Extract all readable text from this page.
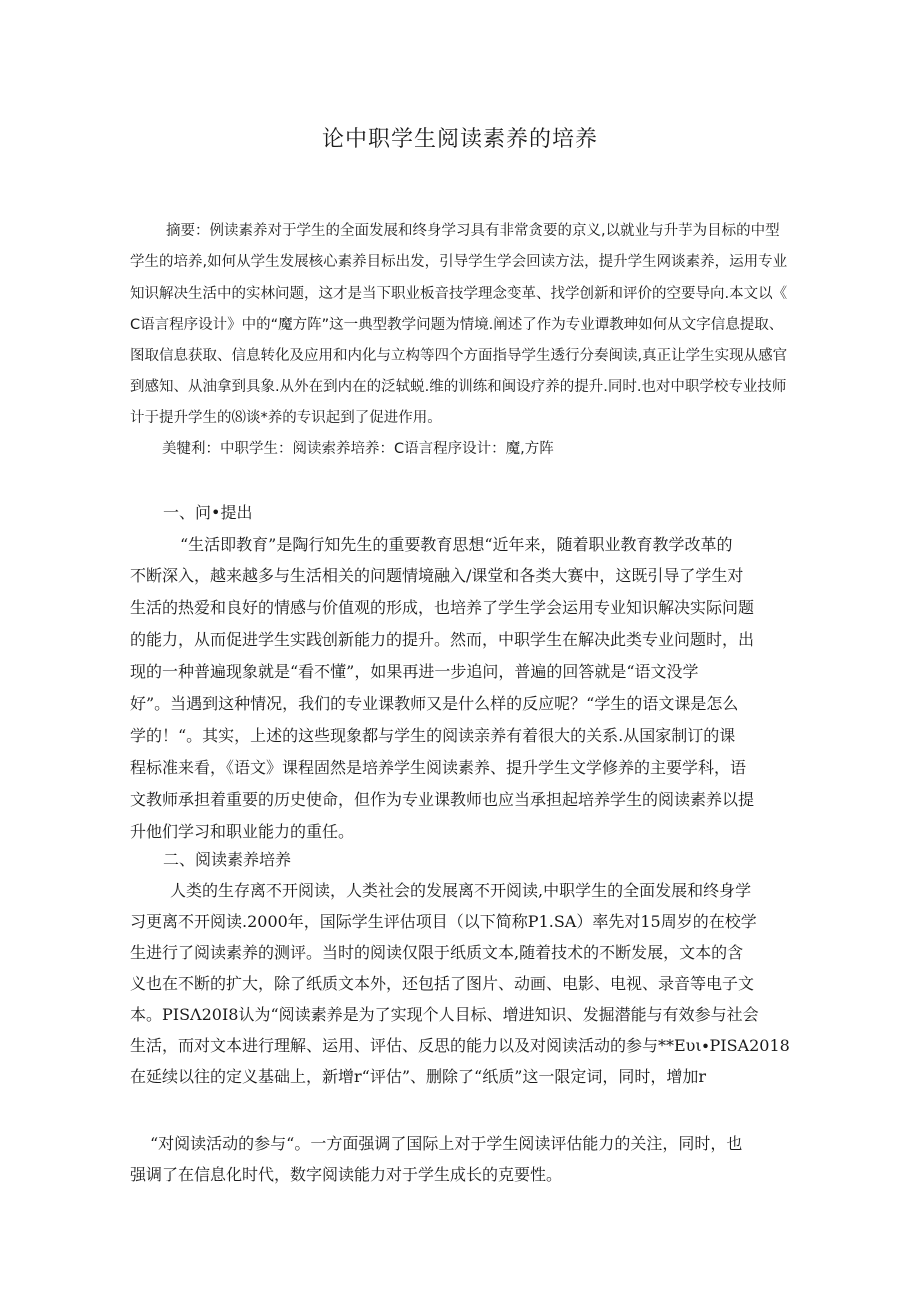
论中职学生阅读素养的培养
摘要：例读素养对于学生的全面发展和终身学习具有非常贪要的京义,以就业与升芋为目标的中型
学生的培养,如何从学生发展核心素养目标出发，引导学生学会回读方法，提升学生网谈素养，运用专业
知识解决生活中的实林问题，这才是当下职业板音技学理念变革、找学创新和评价的空要导向.本文以《
C语言程序设计》中的“魔方阵”这一典型教学问题为情境.阐述了作为专业谭教珅如何从文字信息提取、
图取信息获取、信息转化及应用和内化与立构等四个方面指导学生透行分奏闽读,真正让学生实现从感官
到感知、从油拿到具象.从外在到内在的泛轼蜕.维的训练和闽设疗养的提升.同时.也对中职学校专业技师
计于提升学生的⑻谈*养的专识起到了促进作用。
美犍利：中职学生：阅读索养培养：C语言程序设计：魔,方阵
一、问•提出
“生活即教育”是陶行知先生的重要教育思想“近年来，随着职业教育教学改革的
不断深入，越来越多与生活相关的问题情境融入/课堂和各类大赛中，这既引导了学生对
生活的热爱和良好的情感与价值观的形成，也培养了学生学会运用专业知识解决实际问题
的能力，从而促进学生实践创新能力的提升。然而，中职学生在解决此类专业问题时，出
现的一种普遍现象就是“看不懂”，如果再进一步追问，普遍的回答就是“语文没学
好”。当遇到这种情况，我们的专业课教师又是什么样的反应呢？“学生的语文课是怎么
学的！“。其实，上述的这些现象都与学生的阅读亲养有着很大的关系.从国家制订的课
程标准来看，《语文》课程固然是培养学生阅读素养、提升学生文学修养的主要学科，语
文教师承担着重要的历史使命，但作为专业课教师也应当承担起培养学生的阅读素养以提
升他们学习和职业能力的重任。
二、阅读素养培养
人类的生存离不开阅读，人类社会的发展离不开阅读,中职学生的全面发展和终身学
习更离不开阅读.2000年，国际学生评估项目（以下简称P1.SA）率先对15周岁的在校学
生进行了阅读素养的测评。当时的阅读仅限于纸质文本,随着技术的不断发展，文本的含
义也在不断的扩大，除了纸质文本外，还包括了图片、动画、电影、电视、录音等电子文
本。PISΛ20I8认为“阅读素养是为了实现个人目标、增进知识、发掘潜能与有效参与社会
生活，而对文本进行理解、运用、评估、反思的能力以及对阅读活动的参与**Eυι∙PISA2018
在延续以往的定义基础上，新增r“评估”、删除了“纸质”这一限定词，同时，增加r
“对阅读活动的参与“。一方面强调了国际上对于学生阅读评估能力的关注，同时，也
强调了在信息化时代，数字阅读能力对于学生成长的克要性。
